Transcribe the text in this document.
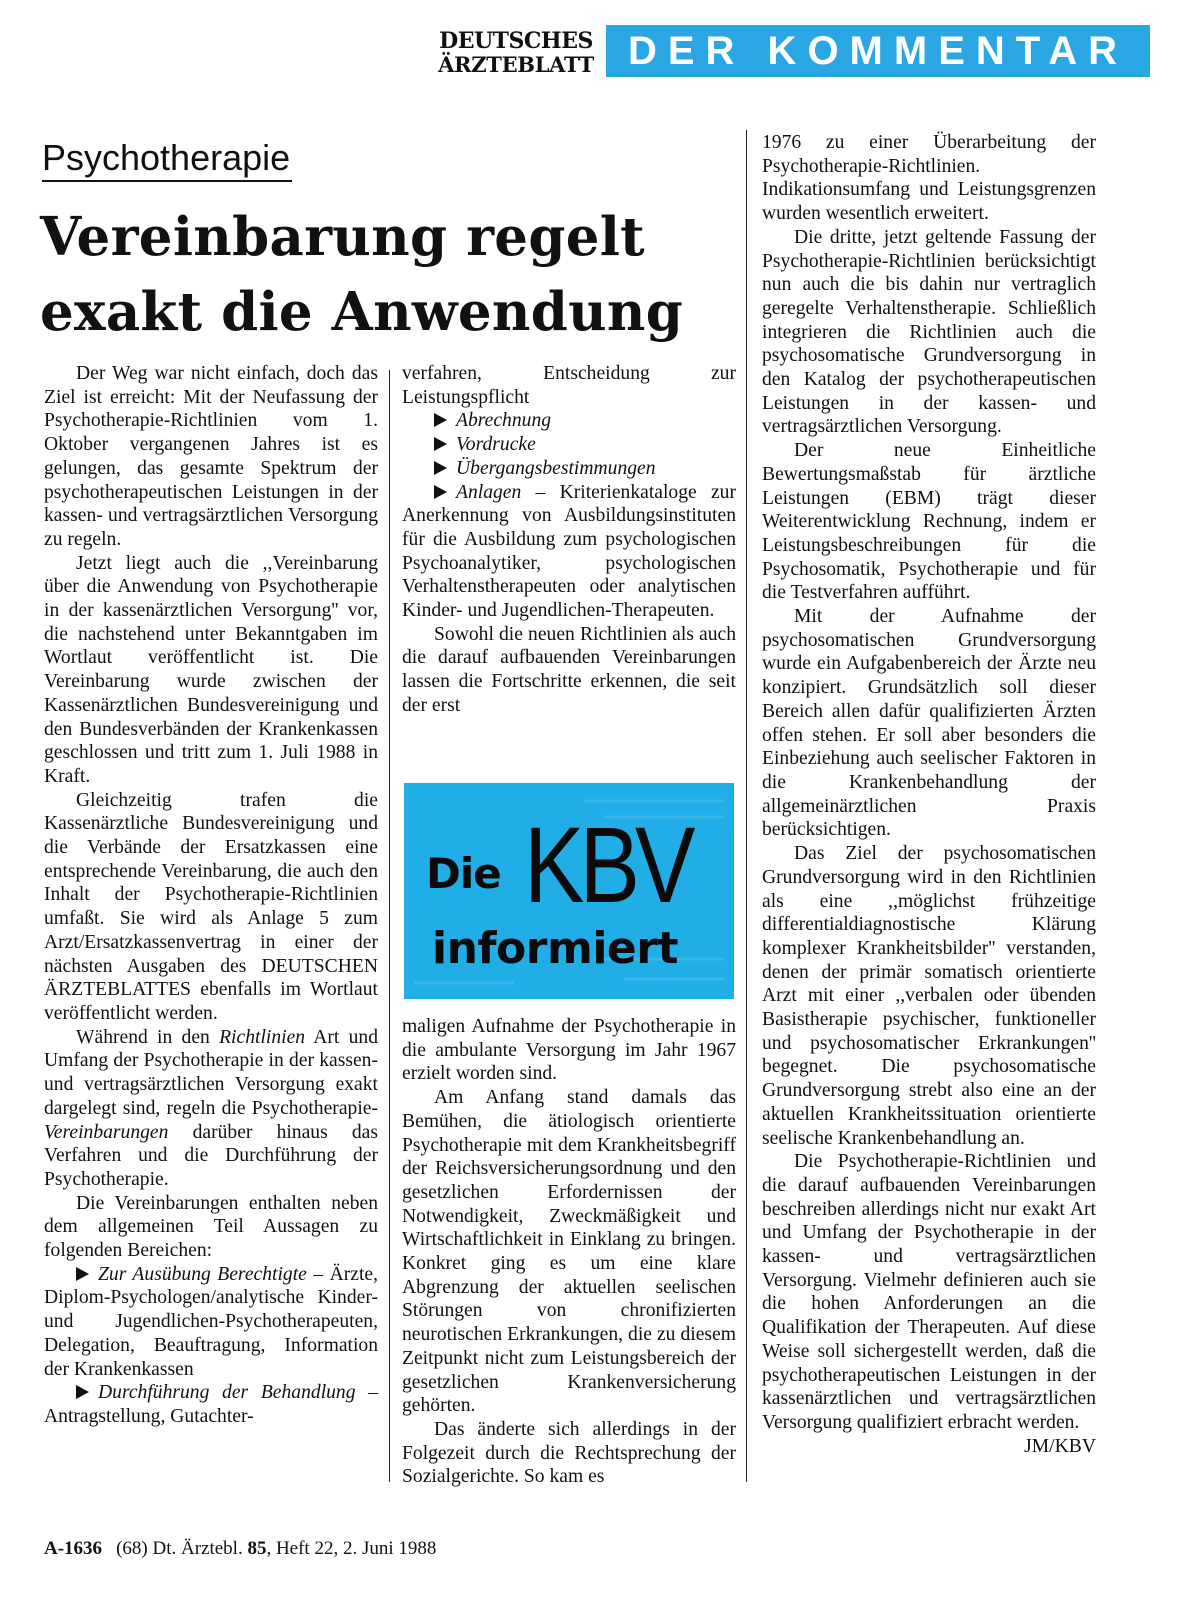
DEUTSCHES
ÄRZTEBLATT DER KOMMENTAR
Psychotherapie
Vereinbarung regelt
exakt die Anwendung

Der Weg war nicht einfach, doch das Ziel ist erreicht: Mit der Neufassung der Psychotherapie-Richtlinien vom 1. Oktober vergangenen Jahres ist es gelungen, das gesamte Spektrum der psychotherapeutischen Leistungen in der kassen- und vertragsärztlichen Versorgung zu regeln.

Jetzt liegt auch die ,,Vereinbarung über die Anwendung von Psychotherapie in der kassenärztlichen Versorgung'' vor, die nachstehend unter Bekanntgaben im Wortlaut veröffentlicht ist. Die Vereinbarung wurde zwischen der Kassenärztlichen Bundesvereinigung und den Bundesverbänden der Krankenkassen geschlossen und tritt zum 1. Juli 1988 in Kraft.

Gleichzeitig trafen die Kassenärztliche Bundesvereinigung und die Verbände der Ersatzkassen eine entsprechende Vereinbarung, die auch den Inhalt der Psychotherapie-Richtlinien umfaßt. Sie wird als Anlage 5 zum Arzt/Ersatzkassenvertrag in einer der nächsten Ausgaben des DEUTSCHEN ÄRZTEBLATTES ebenfalls im Wortlaut veröffentlicht werden.

Während in den Richtlinien Art und Umfang der Psychotherapie in der kassen- und vertragsärztlichen Versorgung exakt dargelegt sind, regeln die Psychotherapie-Vereinbarungen darüber hinaus das Verfahren und die Durchführung der Psychotherapie.

Die Vereinbarungen enthalten neben dem allgemeinen Teil Aussagen zu folgenden Bereichen:

Zur Ausübung Berechtigte – Ärzte, Diplom-Psychologen/analytische Kinder- und Jugendlichen-Psychotherapeuten, Delegation, Beauftragung, Information der Krankenkassen

Durchführung der Behandlung – Antragstellung, Gutachter-

verfahren, Entscheidung zur Leistungspflicht

Abrechnung

Vordrucke

Übergangsbestimmungen

Anlagen – Kriterienkataloge zur Anerkennung von Ausbildungsinstituten für die Ausbildung zum psychologischen Psychoanalytiker, psychologischen Verhaltenstherapeuten oder analytischen Kinder- und Jugendlichen-Therapeuten.

Sowohl die neuen Richtlinien als auch die darauf aufbauenden Vereinbarungen lassen die Fortschritte erkennen, die seit der erst

Die KBV
informiert

maligen Aufnahme der Psychotherapie in die ambulante Versorgung im Jahr 1967 erzielt worden sind.

Am Anfang stand damals das Bemühen, die ätiologisch orientierte Psychotherapie mit dem Krankheitsbegriff der Reichsversicherungsordnung und den gesetzlichen Erfordernissen der Notwendigkeit, Zweckmäßigkeit und Wirtschaftlichkeit in Einklang zu bringen. Konkret ging es um eine klare Abgrenzung der aktuellen seelischen Störungen von chronifizierten neurotischen Erkrankungen, die zu diesem Zeitpunkt nicht zum Leistungsbereich der gesetzlichen Krankenversicherung gehörten.

Das änderte sich allerdings in der Folgezeit durch die Rechtsprechung der Sozialgerichte. So kam es

1976 zu einer Überarbeitung der Psychotherapie-Richtlinien. Indikationsumfang und Leistungsgrenzen wurden wesentlich erweitert.

Die dritte, jetzt geltende Fassung der Psychotherapie-Richtlinien berücksichtigt nun auch die bis dahin nur vertraglich geregelte Verhaltenstherapie. Schließlich integrieren die Richtlinien auch die psychosomatische Grundversorgung in den Katalog der psychotherapeutischen Leistungen in der kassen- und vertragsärztlichen Versorgung.

Der neue Einheitliche Bewertungsmaßstab für ärztliche Leistungen (EBM) trägt dieser Weiterentwicklung Rechnung, indem er Leistungsbeschreibungen für die Psychosomatik, Psychotherapie und für die Testverfahren aufführt.

Mit der Aufnahme der psychosomatischen Grundversorgung wurde ein Aufgabenbereich der Ärzte neu konzipiert. Grundsätzlich soll dieser Bereich allen dafür qualifizierten Ärzten offen stehen. Er soll aber besonders die Einbeziehung auch seelischer Faktoren in die Krankenbehandlung der allgemeinärztlichen Praxis berücksichtigen.

Das Ziel der psychosomatischen Grundversorgung wird in den Richtlinien als eine ,,möglichst frühzeitige differentialdiagnostische Klärung komplexer Krankheitsbilder'' verstanden, denen der primär somatisch orientierte Arzt mit einer ,,verbalen oder übenden Basistherapie psychischer, funktioneller und psychosomatischer Erkrankungen'' begegnet. Die psychosomatische Grundversorgung strebt also eine an der aktuellen Krankheitssituation orientierte seelische Krankenbehandlung an.

Die Psychotherapie-Richtlinien und die darauf aufbauenden Vereinbarungen beschreiben allerdings nicht nur exakt Art und Umfang der Psychotherapie in der kassen- und vertragsärztlichen Versorgung. Vielmehr definieren auch sie die hohen Anforderungen an die Qualifikation der Therapeuten. Auf diese Weise soll sichergestellt werden, daß die psychotherapeutischen Leistungen in der kassenärztlichen und vertragsärztlichen Versorgung qualifiziert erbracht werden.
JM/KBV

A-1636 (68) Dt. Ärztebl. 85, Heft 22, 2. Juni 1988
